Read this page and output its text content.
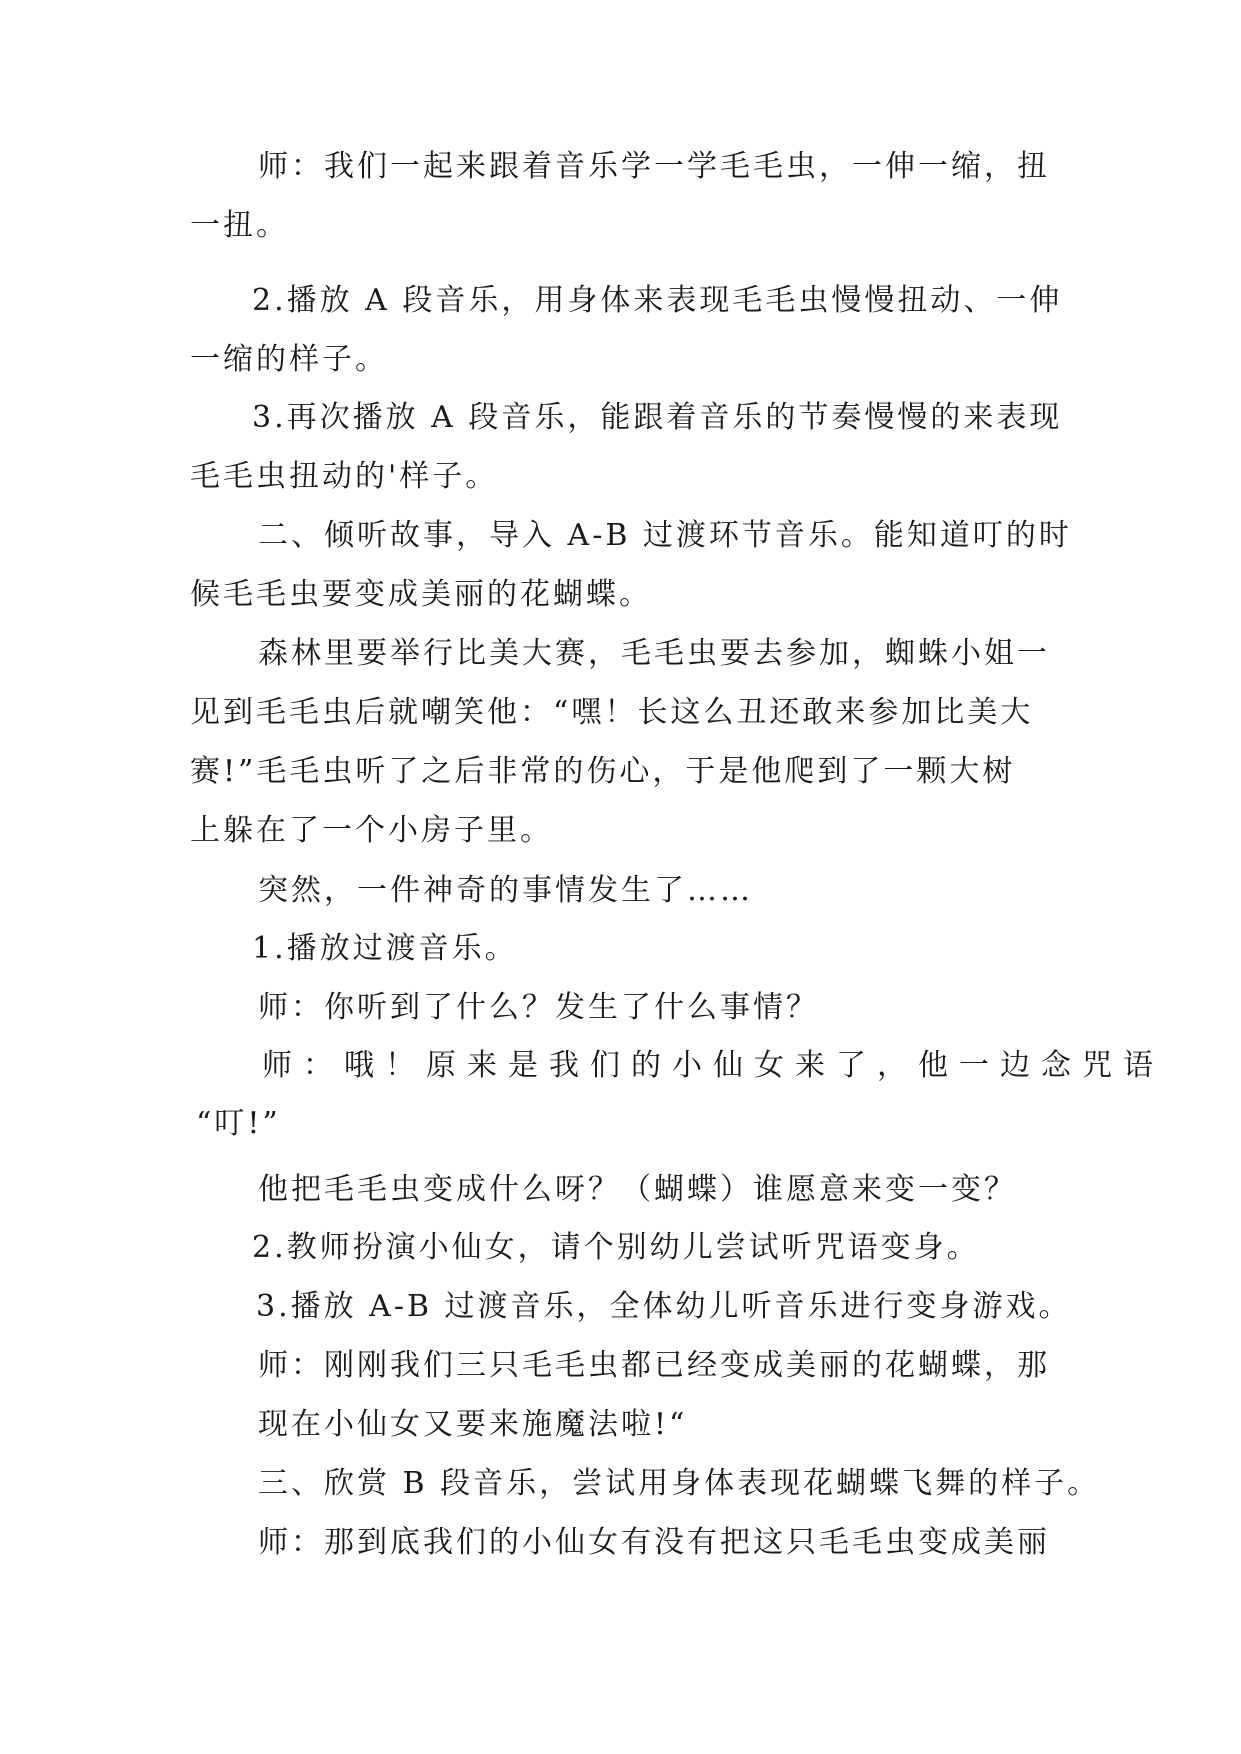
师：我们一起来跟着音乐学一学毛毛虫，一伸一缩，扭

一扭。

2.播放 A 段音乐，用身体来表现毛毛虫慢慢扭动、一伸

一缩的样子。

3.再次播放 A 段音乐，能跟着音乐的节奏慢慢的来表现

毛毛虫扭动的'样子。

二、倾听故事，导入 A-B 过渡环节音乐。能知道叮的时

候毛毛虫要变成美丽的花蝴蝶。

森林里要举行比美大赛，毛毛虫要去参加，蜘蛛小姐一

见到毛毛虫后就嘲笑他：“嘿！长这么丑还敢来参加比美大

赛!”毛毛虫听了之后非常的伤心，于是他爬到了一颗大树

上躲在了一个小房子里。

突然，一件神奇的事情发生了……

1.播放过渡音乐。

师：你听到了什么？发生了什么事情？

师：哦！原来是我们的小仙女来了，他一边念咒语

“叮!”

他把毛毛虫变成什么呀？（蝴蝶）谁愿意来变一变？

2.教师扮演小仙女，请个别幼儿尝试听咒语变身。

3.播放 A-B 过渡音乐，全体幼儿听音乐进行变身游戏。

师：刚刚我们三只毛毛虫都已经变成美丽的花蝴蝶，那

现在小仙女又要来施魔法啦!“

三、欣赏 B 段音乐，尝试用身体表现花蝴蝶飞舞的样子。

师：那到底我们的小仙女有没有把这只毛毛虫变成美丽
